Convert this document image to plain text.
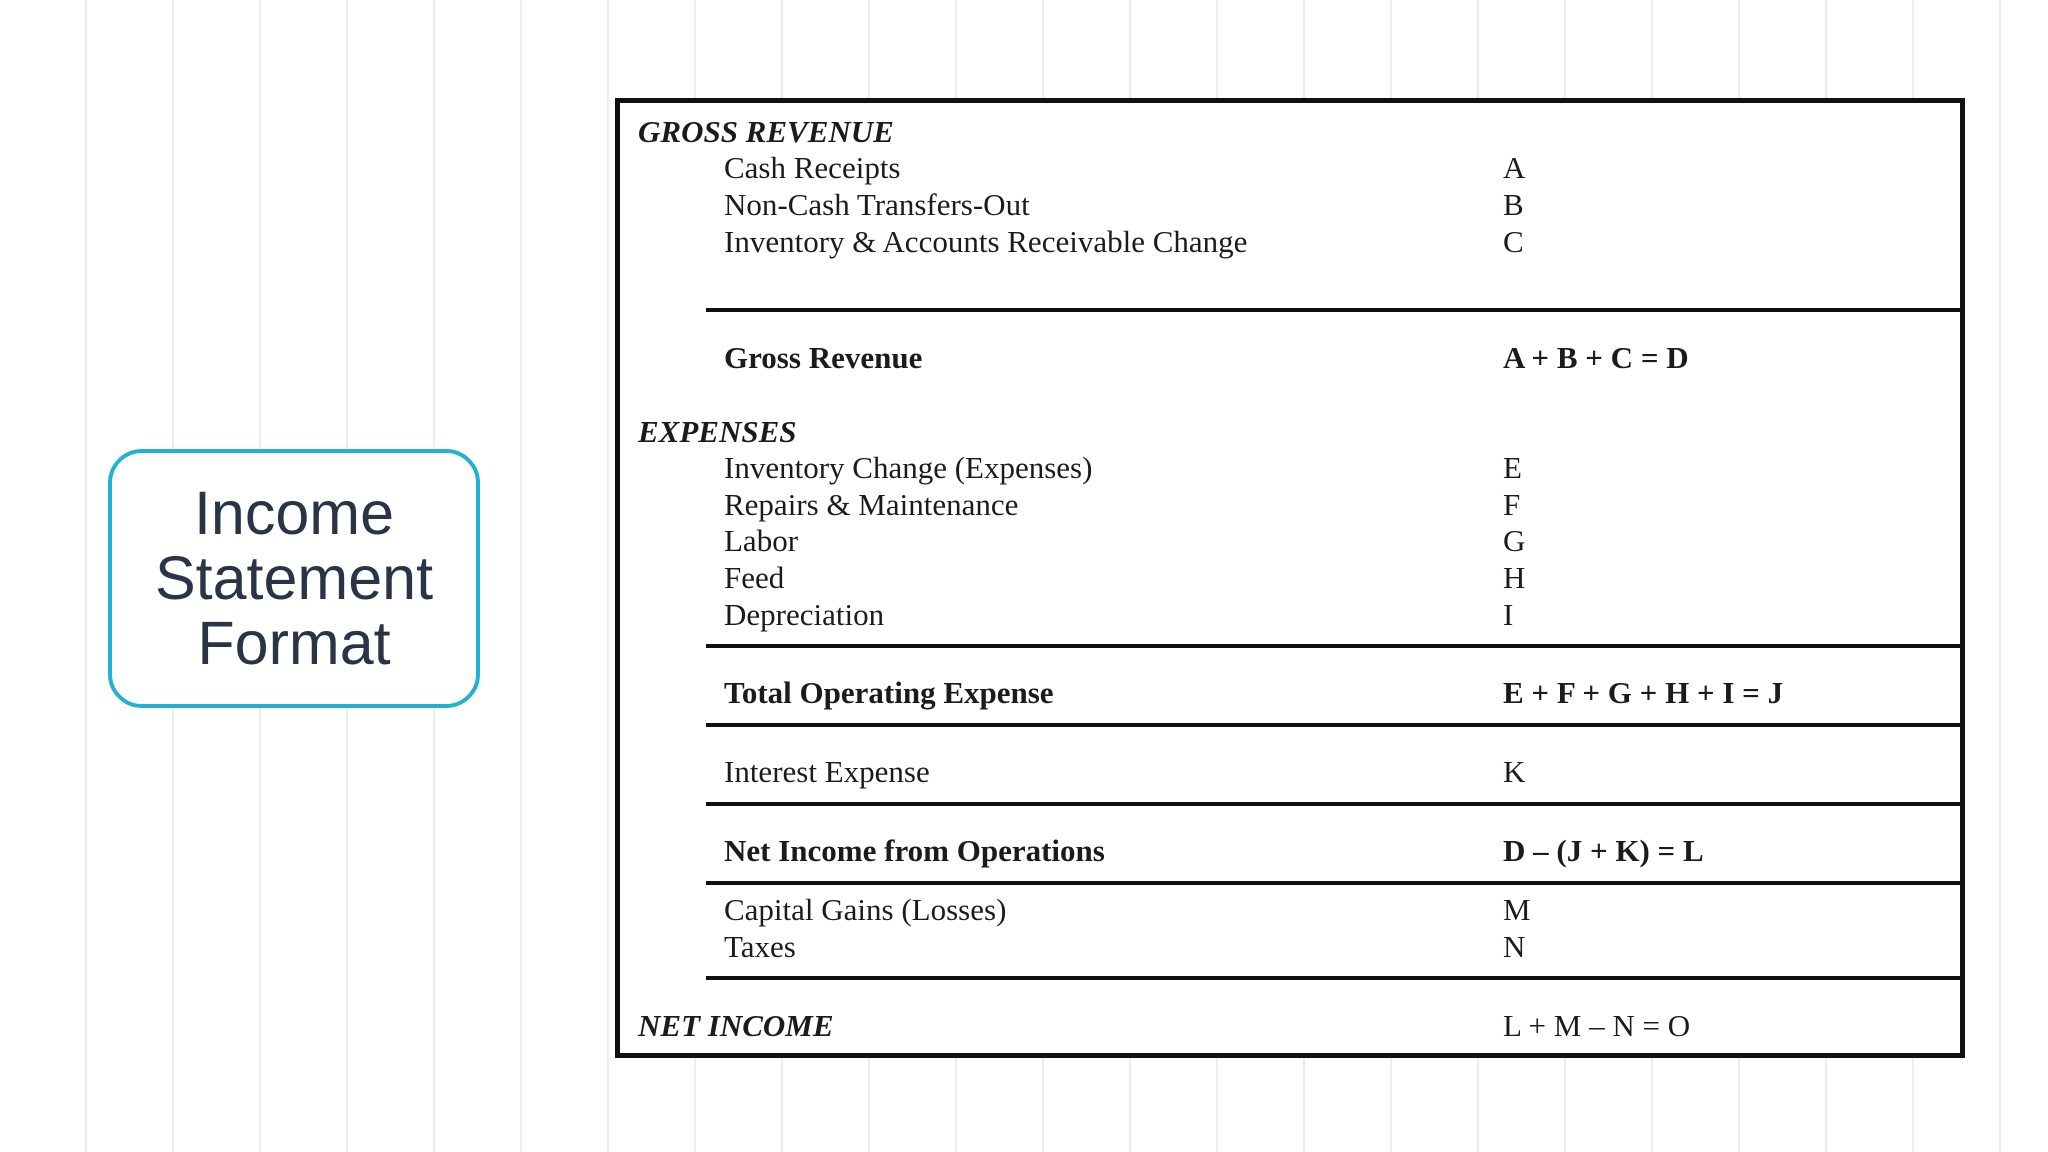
Income
Statement
Format
GROSS REVENUE
Cash Receipts	A
Non-Cash Transfers-Out	B
Inventory & Accounts Receivable Change	C
Gross Revenue	A + B + C = D
EXPENSES
Inventory Change (Expenses)	E
Repairs & Maintenance	F
Labor	G
Feed	H
Depreciation	I
Total Operating Expense	E + F + G + H + I = J
Interest Expense	K
Net Income from Operations	D – (J + K) = L
Capital Gains (Losses)	M
Taxes	N
NET INCOME	L + M – N = O
